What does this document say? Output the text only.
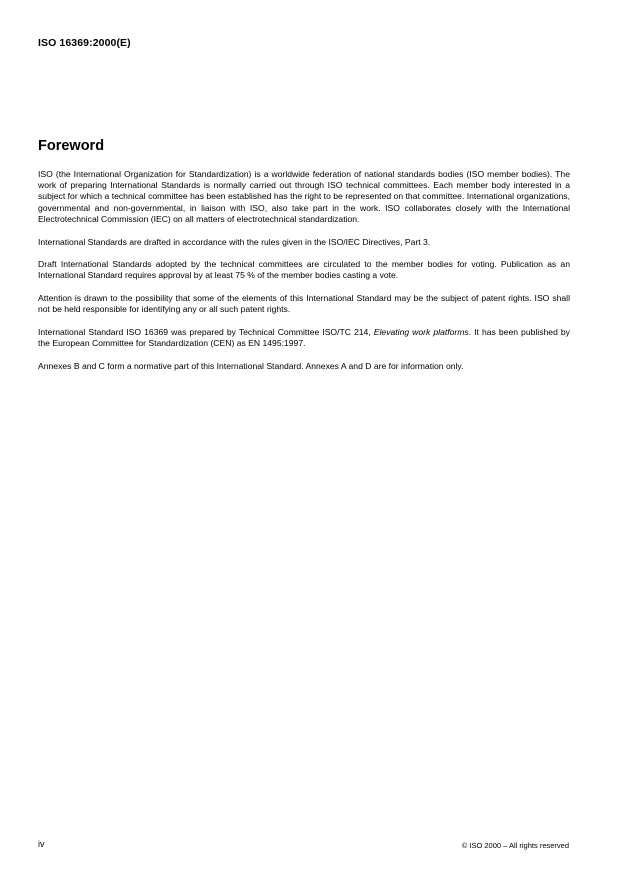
ISO 16369:2000(E)
Foreword

ISO (the International Organization for Standardization) is a worldwide federation of national standards bodies (ISO member bodies). The work of preparing International Standards is normally carried out through ISO technical committees. Each member body interested in a subject for which a technical committee has been established has the right to be represented on that committee. International organizations, governmental and non-governmental, in liaison with ISO, also take part in the work. ISO collaborates closely with the International Electrotechnical Commission (IEC) on all matters of electrotechnical standardization.

International Standards are drafted in accordance with the rules given in the ISO/IEC Directives, Part 3.

Draft International Standards adopted by the technical committees are circulated to the member bodies for voting. Publication as an International Standard requires approval by at least 75 % of the member bodies casting a vote.

Attention is drawn to the possibility that some of the elements of this International Standard may be the subject of patent rights. ISO shall not be held responsible for identifying any or all such patent rights.

International Standard ISO 16369 was prepared by Technical Committee ISO/TC 214, Elevating work platforms. It has been published by the European Committee for Standardization (CEN) as EN 1495:1997.

Annexes B and C form a normative part of this International Standard. Annexes A and D are for information only.

iv	© ISO 2000 – All rights reserved
